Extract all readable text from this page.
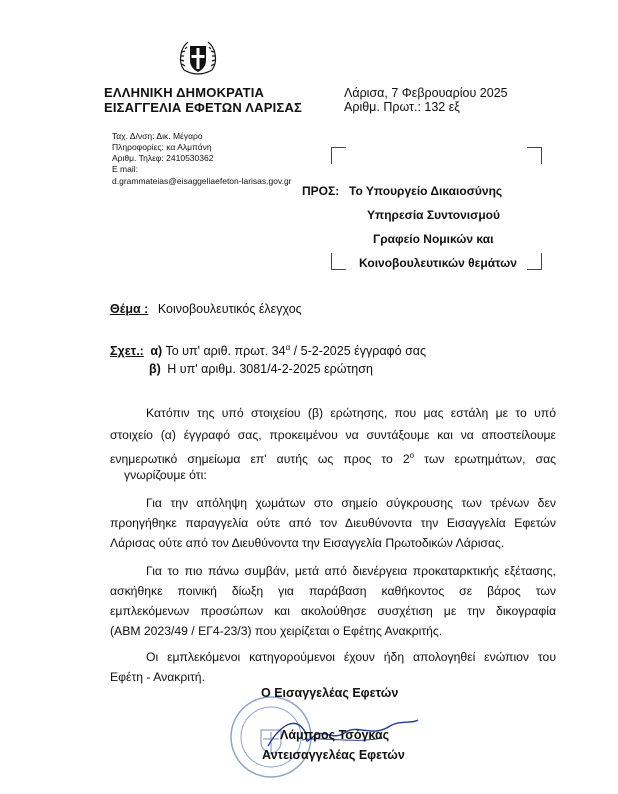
ΕΛΛΗΝΙΚΗ ΔΗΜΟΚΡΑΤΙΑ
ΕΙΣΑΓΓΕΛΙΑ ΕΦΕΤΩΝ ΛΑΡΙΣΑΣ
Ταχ. Δ/νση: Δικ. Μέγαρο
Πληροφορίες: κα Αλμπάνη
Αριθμ. Τηλεφ: 2410530362
E mail:
d.grammateias@eisaggeliaefeton-larisas.gov.gr
Λάρισα, 7 Φεβρουαρίου 2025
Αριθμ. Πρωτ.: 132 εξ
ΠΡΟΣ: Το Υπουργείο Δικαιοσύνης
Υπηρεσία Συντονισμού
Γραφείο Νομικών και
Κοινοβουλευτικών θεμάτων
Θέμα : Κοινοβουλευτικός έλεγχος
Σχετ.: α) Το υπ' αριθ. πρωτ. $34^\alpha / 5-2-2025$ έγγραφό σας
β) Η υπ' αριθμ. 3081/4-2-2025 ερώτηση
Κατόπιν της υπό στοιχείου (β) ερώτησης, που μας εστάλη με το υπό
στοιχείο (α) έγγραφό σας, προκειμένου να συντάξουμε και να αποστείλουμε
ενημερωτικό σημείωμα επ' αυτής ως προς το $2^o$ των ερωτημάτων, σας
γνωρίζουμε ότι:
Για την απόληψη χωμάτων στο σημείο σύγκρουσης των τρένων δεν
προηγήθηκε παραγγελία ούτε από τον Διευθύνοντα την Εισαγγελία Εφετών
Λάρισας ούτε από τον Διευθύνοντα την Εισαγγελία Πρωτοδικών Λάρισας.
Για το πιο πάνω συμβάν, μετά από διενέργεια προκαταρκτικής εξέτασης,
ασκήθηκε ποινική δίωξη για παράβαση καθήκοντος σε βάρος των
εμπλεκόμενων προσώπων και ακολούθησε συσχέτιση με την δικογραφία
(ΑΒΜ 2023/49 / ΕΓ4-23/3) που χειρίζεται ο Εφέτης Ανακριτής.
Οι εμπλεκόμενοι κατηγορούμενοι έχουν ήδη απολογηθεί ενώπιον του
Εφέτη - Ανακριτή.
Ο Εισαγγελέας Εφετών
Λάμπρος Τσόγκας
Αντεισαγγελέας Εφετών
